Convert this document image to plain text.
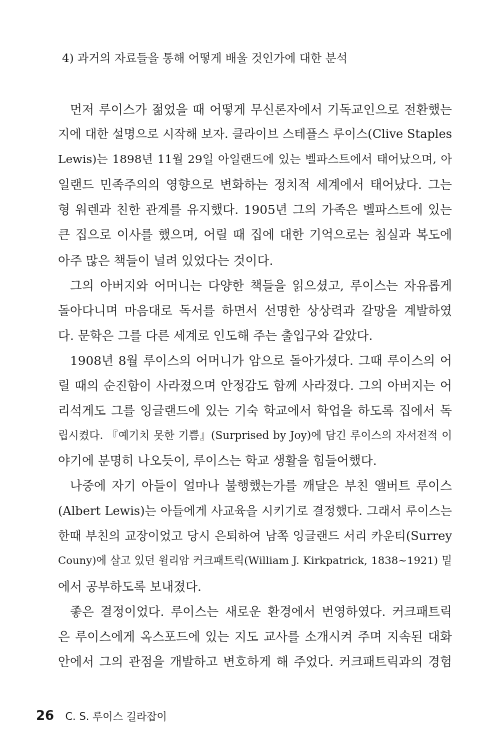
4) 과거의 자료들을 통해 어떻게 배울 것인가에 대한 분석
먼저 루이스가 젊었을 때 어떻게 무신론자에서 기독교인으로 전환했는
지에 대한 설명으로 시작해 보자. 클라이브 스테플스 루이스(Clive Staples
Lewis)는 1898년 11월 29일 아일랜드에 있는 벨파스트에서 태어났으며, 아
일랜드 민족주의의 영향으로 변화하는 정치적 세계에서 태어났다. 그는
형 워렌과 친한 관계를 유지했다. 1905년 그의 가족은 벨파스트에 있는
큰 집으로 이사를 했으며, 어릴 때 집에 대한 기억으로는 침실과 복도에
아주 많은 책들이 널려 있었다는 것이다.
그의 아버지와 어머니는 다양한 책들을 읽으셨고, 루이스는 자유롭게
돌아다니며 마음대로 독서를 하면서 선명한 상상력과 갈망을 계발하였
다. 문학은 그를 다른 세계로 인도해 주는 출입구와 같았다.
1908년 8월 루이스의 어머니가 암으로 돌아가셨다. 그때 루이스의 어
릴 때의 순진함이 사라졌으며 안정감도 함께 사라졌다. 그의 아버지는 어
리석게도 그를 잉글랜드에 있는 기숙 학교에서 학업을 하도록 집에서 독
립시켰다. 『예기치 못한 기쁨』(Surprised by Joy)에 담긴 루이스의 자서전적 이
야기에 분명히 나오듯이, 루이스는 학교 생활을 힘들어했다.
나중에 자기 아들이 얼마나 불행했는가를 깨달은 부친 앨버트 루이스
(Albert Lewis)는 아들에게 사교육을 시키기로 결정했다. 그래서 루이스는
한때 부친의 교장이었고 당시 은퇴하여 남쪽 잉글랜드 서리 카운티(Surrey
Couny)에 살고 있던 윌리암 커크패트릭(William J. Kirkpatrick, 1838~1921) 밑
에서 공부하도록 보내졌다.
좋은 결정이었다. 루이스는 새로운 환경에서 번영하였다. 커크패트릭
은 루이스에게 옥스포드에 있는 지도 교사를 소개시켜 주며 지속된 대화
안에서 그의 관점을 개발하고 변호하게 해 주었다. 커크패트릭과의 경험
26 C. S. 루이스 길라잡이
